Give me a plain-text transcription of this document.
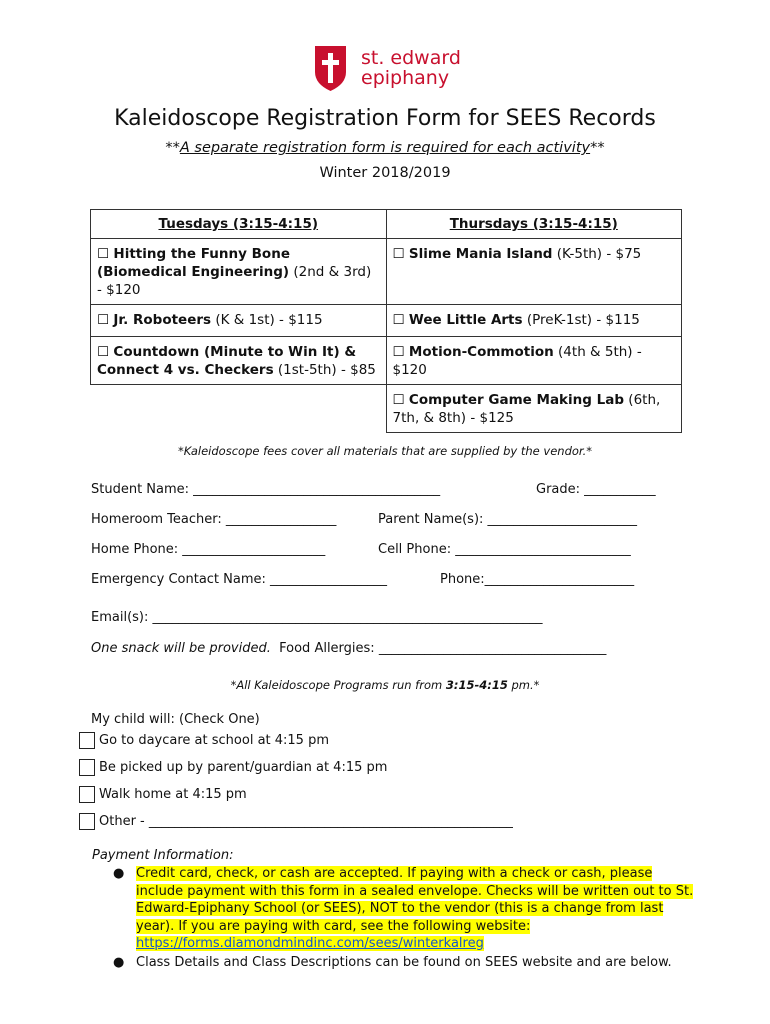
st. edward
epiphany
Kaleidoscope Registration Form for SEES Records
**A separate registration form is required for each activity**
Winter 2018/2019
Tuesdays (3:15-4:15)	Thursdays (3:15-4:15)
☐ Hitting the Funny Bone (Biomedical Engineering) (2nd & 3rd) - $120	☐ Slime Mania Island (K-5th) - $75
☐ Jr. Roboteers (K & 1st) - $115	☐ Wee Little Arts (PreK-1st) - $115
☐ Countdown (Minute to Win It) & Connect 4 vs. Checkers (1st-5th) - $85	☐ Motion-Commotion (4th & 5th) - $120
	☐ Computer Game Making Lab (6th, 7th, & 8th) - $125
*Kaleidoscope fees cover all materials that are supplied by the vendor.*
Student Name: ______________________________________	Grade: ___________
Homeroom Teacher: _________________	Parent Name(s): _______________________
Home Phone: ______________________	Cell Phone: ___________________________
Emergency Contact Name: __________________	Phone:_______________________
Email(s): ____________________________________________________________
One snack will be provided.  Food Allergies: ___________________________________
*All Kaleidoscope Programs run from 3:15-4:15 pm.*
My child will: (Check One)
Go to daycare at school at 4:15 pm
Be picked up by parent/guardian at 4:15 pm
Walk home at 4:15 pm
Other - ________________________________________________________
Payment Information:
● Credit card, check, or cash are accepted. If paying with a check or cash, please include payment with this form in a sealed envelope. Checks will be written out to St. Edward-Epiphany School (or SEES), NOT to the vendor (this is a change from last year). If you are paying with card, see the following website:
https://forms.diamondmindinc.com/sees/winterkalreg
● Class Details and Class Descriptions can be found on SEES website and are below.
